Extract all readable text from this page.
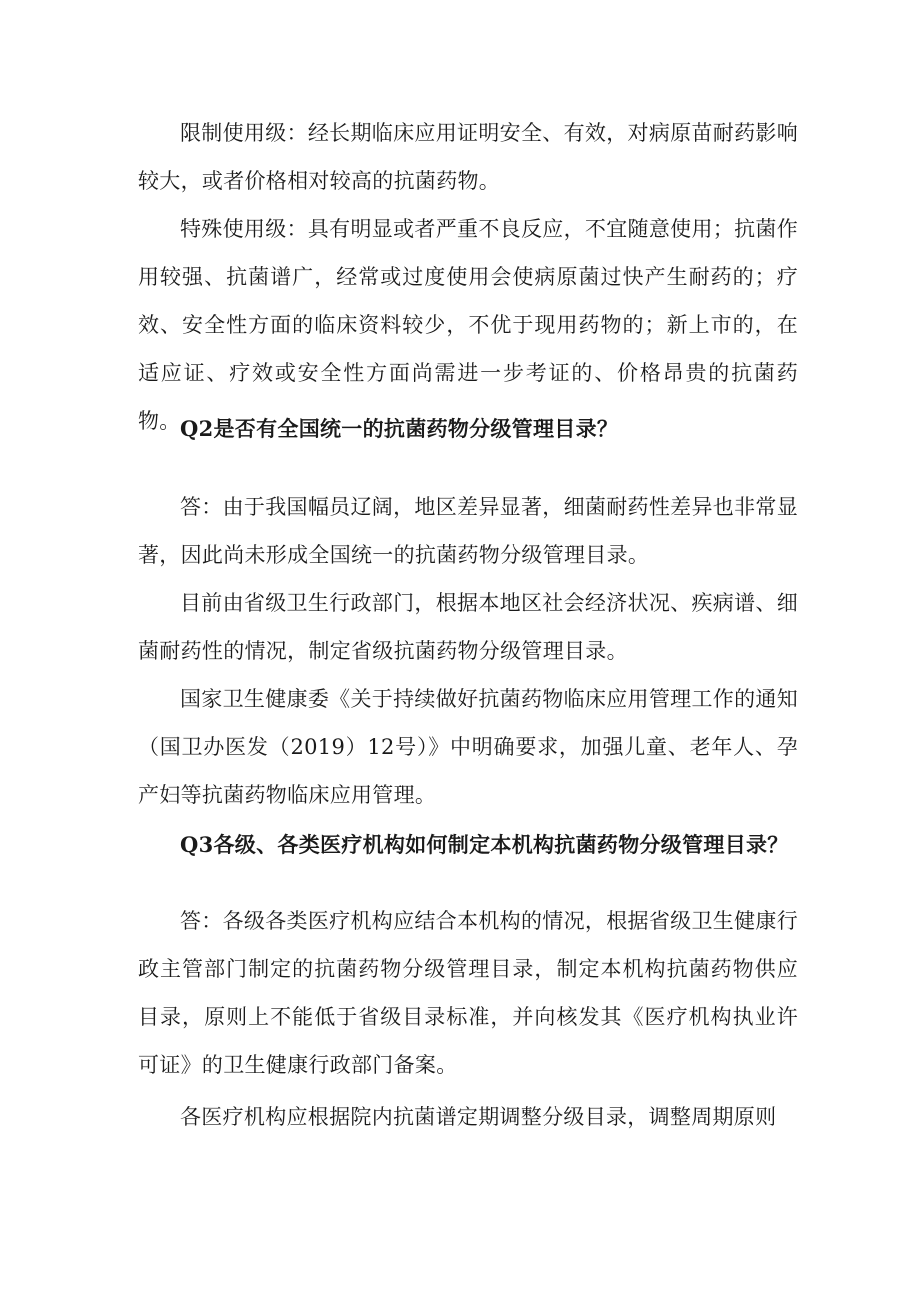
限制使用级：经长期临床应用证明安全、有效，对病原苗耐药影响较大，或者价格相对较高的抗菌药物。

特殊使用级：具有明显或者严重不良反应，不宜随意使用；抗菌作用较强、抗菌谱广，经常或过度使用会使病原菌过快产生耐药的；疗效、安全性方面的临床资料较少，不优于现用药物的；新上市的，在适应证、疗效或安全性方面尚需进一步考证的、价格昂贵的抗菌药物。 Q2是否有全国统一的抗菌药物分级管理目录？

答：由于我国幅员辽阔，地区差异显著，细菌耐药性差异也非常显著，因此尚未形成全国统一的抗菌药物分级管理目录。

目前由省级卫生行政部门，根据本地区社会经济状况、疾病谱、细菌耐药性的情况，制定省级抗菌药物分级管理目录。

国家卫生健康委《关于持续做好抗菌药物临床应用管理工作的通知（国卫办医发（2019）12号）》中明确要求，加强儿童、老年人、孕产妇等抗菌药物临床应用管理。

Q3各级、各类医疗机构如何制定本机构抗菌药物分级管理目录？

答：各级各类医疗机构应结合本机构的情况，根据省级卫生健康行政主管部门制定的抗菌药物分级管理目录，制定本机构抗菌药物供应目录，原则上不能低于省级目录标准，并向核发其《医疗机构执业许可证》的卫生健康行政部门备案。

各医疗机构应根据院内抗菌谱定期调整分级目录，调整周期原则
